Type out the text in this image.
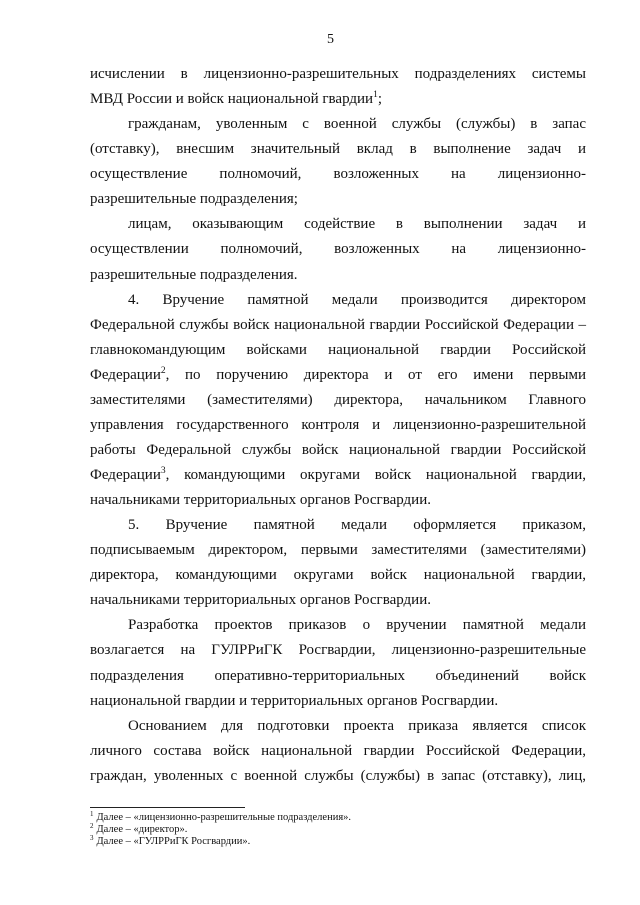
5
исчислении в лицензионно-разрешительных подразделениях системы
МВД России и войск национальной гвардии$^1$;
гражданам, уволенным с военной службы (службы) в запас
(отставку), внесшим значительный вклад в выполнение задач и
осуществление полномочий, возложенных на лицензионно-
разрешительные подразделения;
лицам, оказывающим содействие в выполнении задач и
осуществлении полномочий, возложенных на лицензионно-
разрешительные подразделения.
4. Вручение памятной медали производится директором
Федеральной службы войск национальной гвардии Российской Федерации –
главнокомандующим войсками национальной гвардии Российской
Федерации$^2$, по поручению директора и от его имени первыми
заместителями (заместителями) директора, начальником Главного
управления государственного контроля и лицензионно-разрешительной
работы Федеральной службы войск национальной гвардии Российской
Федерации$^3$, командующими округами войск национальной гвардии,
начальниками территориальных органов Росгвардии.
5. Вручение памятной медали оформляется приказом,
подписываемым директором, первыми заместителями (заместителями)
директора, командующими округами войск национальной гвардии,
начальниками территориальных органов Росгвардии.
Разработка проектов приказов о вручении памятной медали
возлагается на ГУЛРРиГК Росгвардии, лицензионно-разрешительные
подразделения оперативно-территориальных объединений войск
национальной гвардии и территориальных органов Росгвардии.
Основанием для подготовки проекта приказа является список
личного состава войск национальной гвардии Российской Федерации,
граждан, уволенных с военной службы (службы) в запас (отставку), лиц,
$^1$ Далее – «лицензионно-разрешительные подразделения».
$^2$ Далее – «директор».
$^3$ Далее – «ГУЛРРиГК Росгвардии».
